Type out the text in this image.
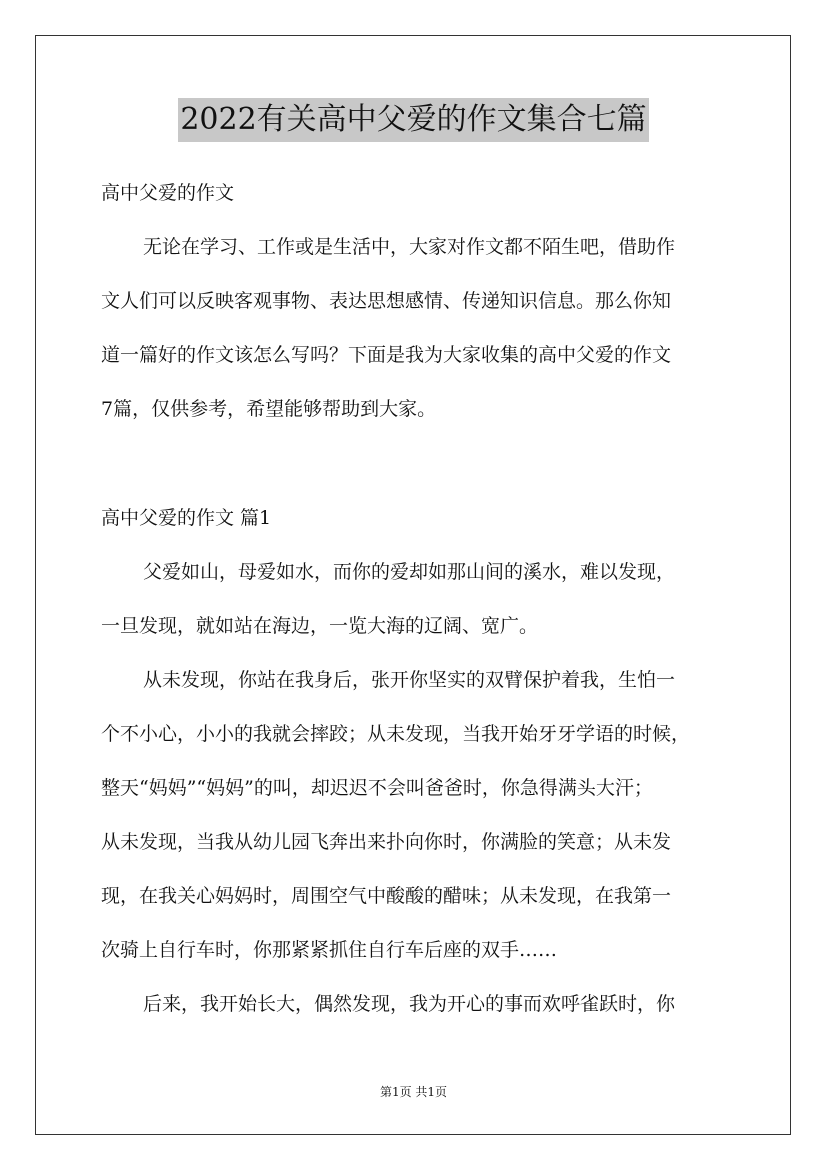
2022有关高中父爱的作文集合七篇
高中父爱的作文
无论在学习、工作或是生活中，大家对作文都不陌生吧，借助作
文人们可以反映客观事物、表达思想感情、传递知识信息。那么你知
道一篇好的作文该怎么写吗？下面是我为大家收集的高中父爱的作文
7篇，仅供参考，希望能够帮助到大家。
高中父爱的作文 篇1
父爱如山，母爱如水，而你的爱却如那山间的溪水，难以发现，
一旦发现，就如站在海边，一览大海的辽阔、宽广。
从未发现，你站在我身后，张开你坚实的双臂保护着我，生怕一
个不小心，小小的我就会摔跤；从未发现，当我开始牙牙学语的时候，
整天“妈妈”“妈妈”的叫，却迟迟不会叫爸爸时，你急得满头大汗；
从未发现，当我从幼儿园飞奔出来扑向你时，你满脸的笑意；从未发
现，在我关心妈妈时，周围空气中酸酸的醋味；从未发现，在我第一
次骑上自行车时，你那紧紧抓住自行车后座的双手……
后来，我开始长大，偶然发现，我为开心的事而欢呼雀跃时，你
第1页 共1页
